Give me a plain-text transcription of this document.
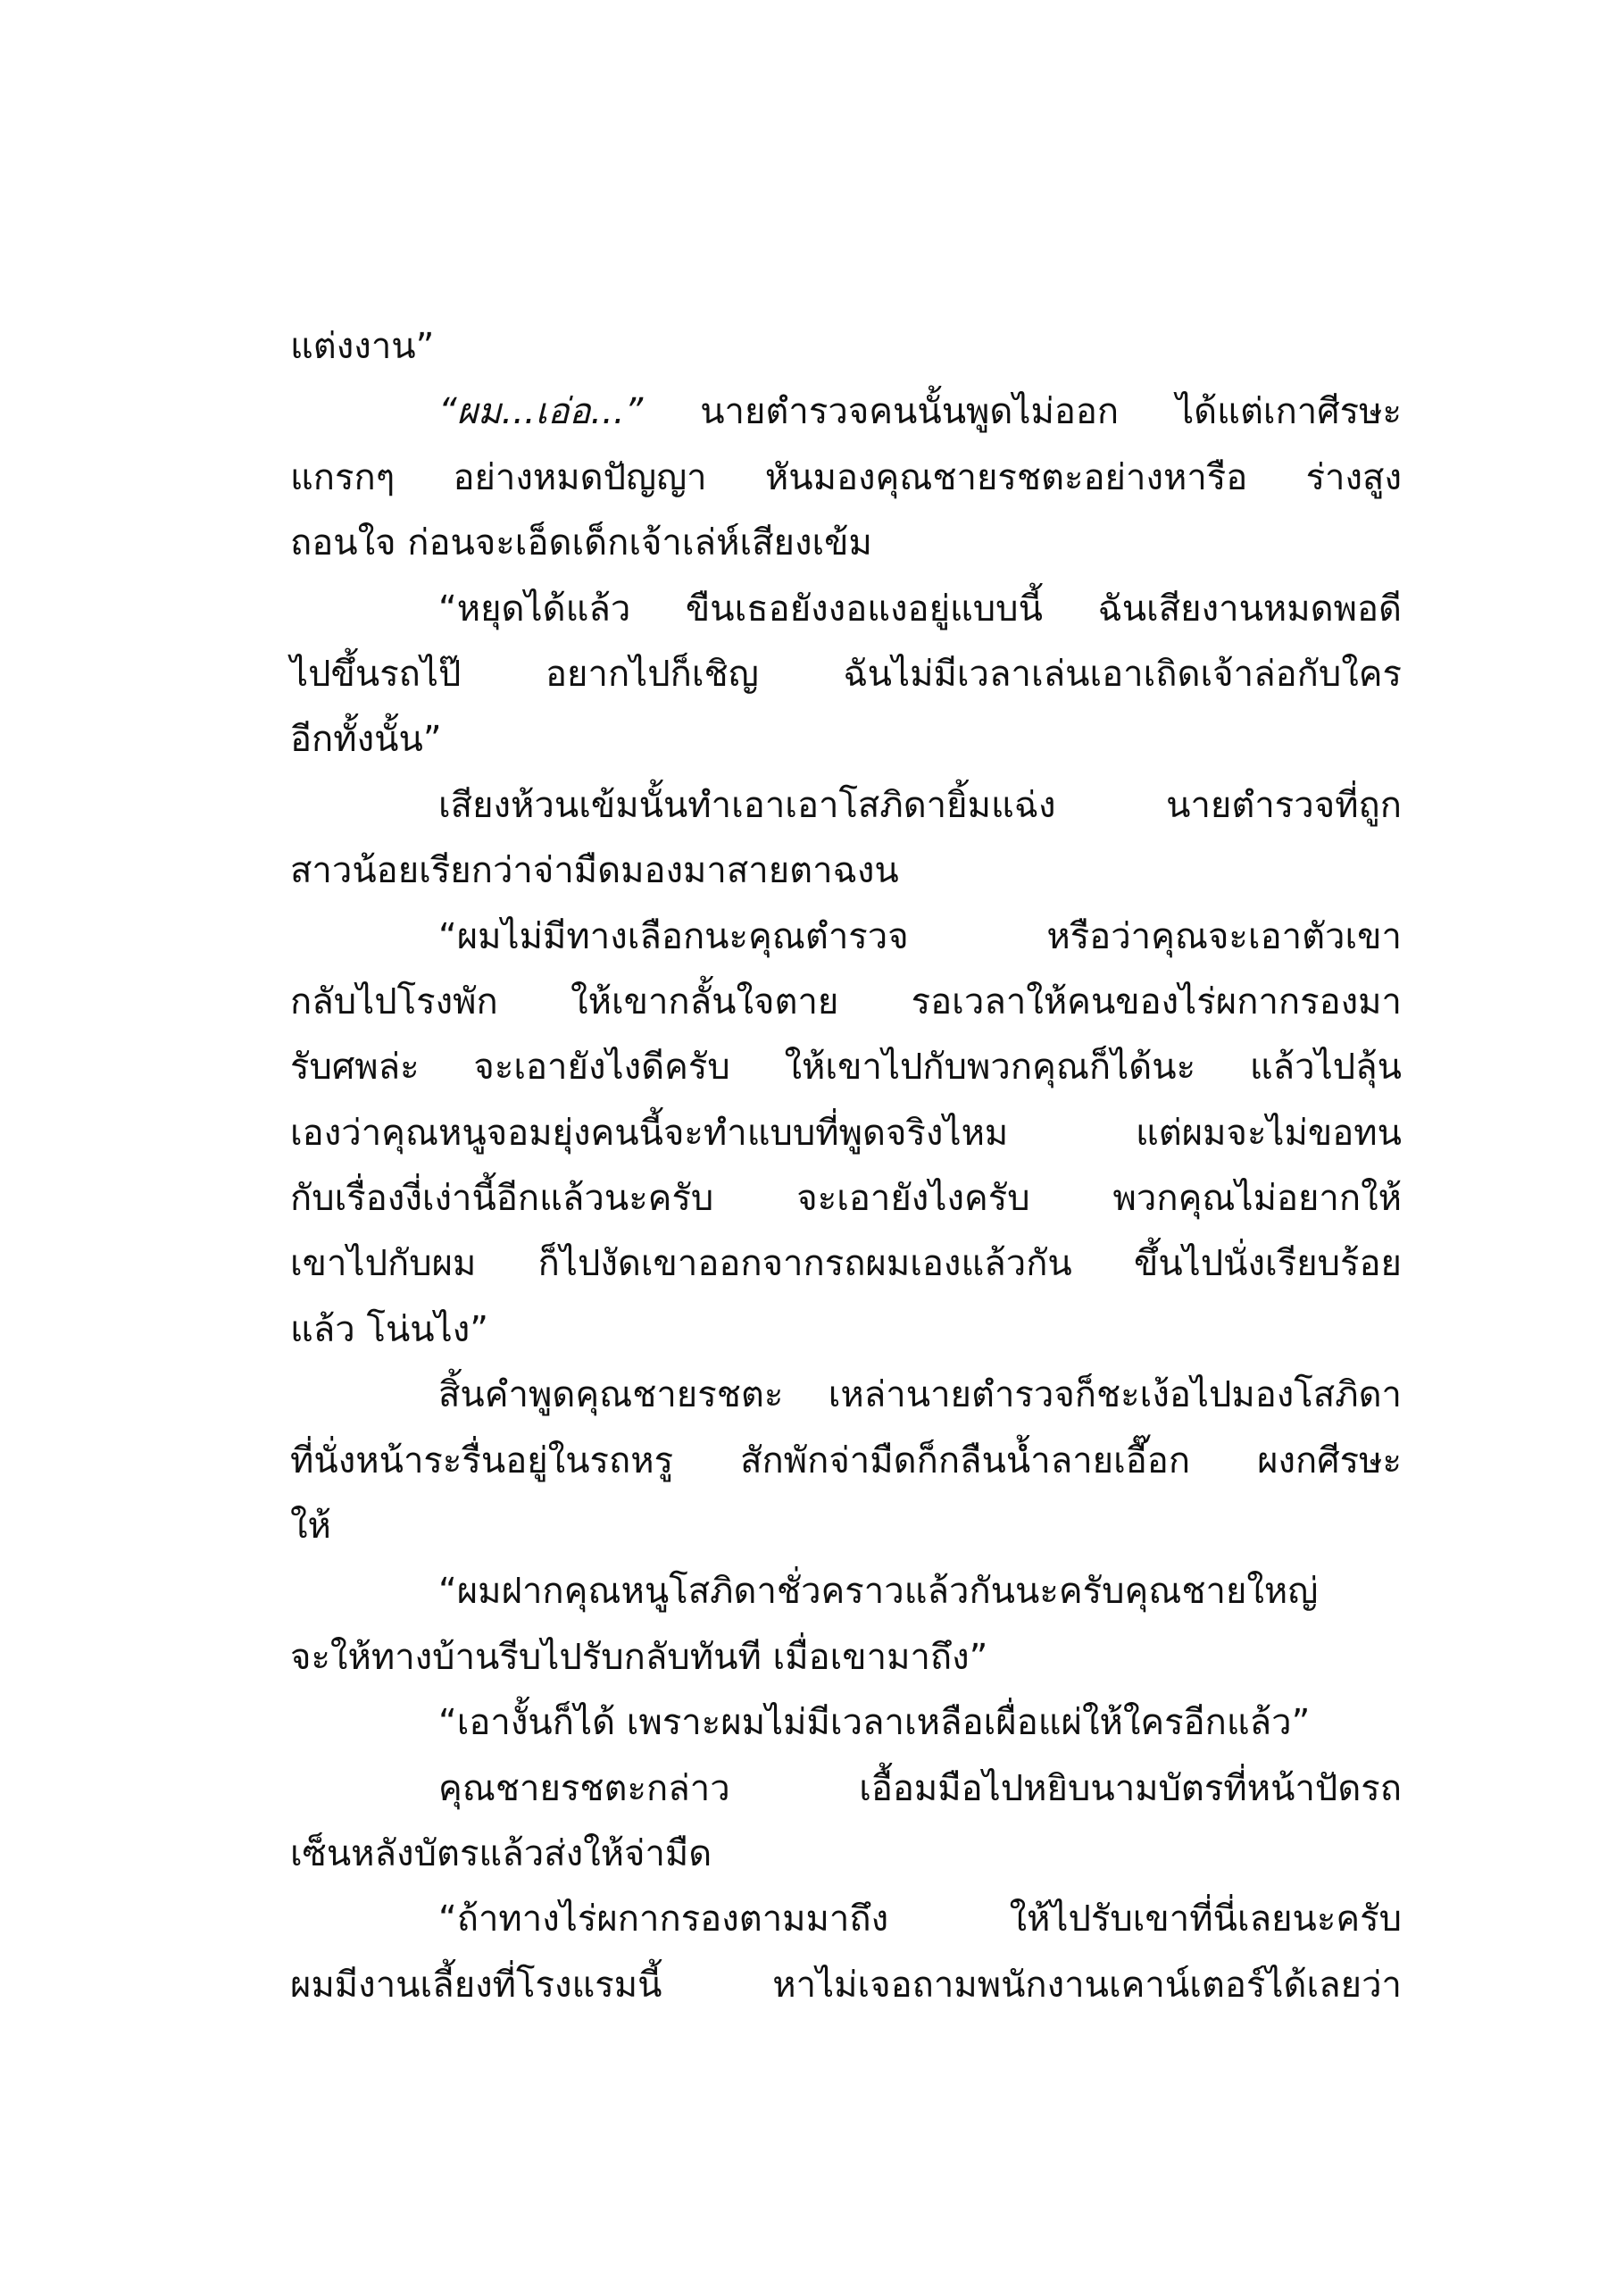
แต่งงาน”
“ผม...เอ่อ...” นายตำรวจคนนั้นพูดไม่ออก ได้แต่เกาศีรษะ
แกรกๆ อย่างหมดปัญญา หันมองคุณชายรชตะอย่างหารือ ร่างสูง
ถอนใจ ก่อนจะเอ็ดเด็กเจ้าเล่ห์เสียงเข้ม
“หยุดได้แล้ว ขืนเธอยังงอแงอยู่แบบนี้ ฉันเสียงานหมดพอดี
ไปขึ้นรถไป๊ อยากไปก็เชิญ ฉันไม่มีเวลาเล่นเอาเถิดเจ้าล่อกับใคร
อีกทั้งนั้น”
เสียงห้วนเข้มนั้นทำเอาเอาโสภิดายิ้มแฉ่ง นายตำรวจที่ถูก
สาวน้อยเรียกว่าจ่ามืดมองมาสายตาฉงน
“ผมไม่มีทางเลือกนะคุณตำรวจ หรือว่าคุณจะเอาตัวเขา
กลับไปโรงพัก ให้เขากลั้นใจตาย รอเวลาให้คนของไร่ผกากรองมา
รับศพล่ะ จะเอายังไงดีครับ ให้เขาไปกับพวกคุณก็ได้นะ แล้วไปลุ้น
เองว่าคุณหนูจอมยุ่งคนนี้จะทำแบบที่พูดจริงไหม แต่ผมจะไม่ขอทน
กับเรื่องงี่เง่านี้อีกแล้วนะครับ จะเอายังไงครับ พวกคุณไม่อยากให้
เขาไปกับผม ก็ไปงัดเขาออกจากรถผมเองแล้วกัน ขึ้นไปนั่งเรียบร้อย
แล้ว โน่นไง”
สิ้นคำพูดคุณชายรชตะ เหล่านายตำรวจก็ชะเง้อไปมองโสภิดา
ที่นั่งหน้าระรื่นอยู่ในรถหรู สักพักจ่ามืดก็กลืนน้ำลายเอื๊อก ผงกศีรษะ
ให้
“ผมฝากคุณหนูโสภิดาชั่วคราวแล้วกันนะครับคุณชายใหญ่
จะให้ทางบ้านรีบไปรับกลับทันที เมื่อเขามาถึง”
“เอางั้นก็ได้ เพราะผมไม่มีเวลาเหลือเผื่อแผ่ให้ใครอีกแล้ว”
คุณชายรชตะกล่าว เอื้อมมือไปหยิบนามบัตรที่หน้าปัดรถ
เซ็นหลังบัตรแล้วส่งให้จ่ามืด
“ถ้าทางไร่ผกากรองตามมาถึง ให้ไปรับเขาที่นี่เลยนะครับ
ผมมีงานเลี้ยงที่โรงแรมนี้ หาไม่เจอถามพนักงานเคาน์เตอร์ได้เลยว่า
